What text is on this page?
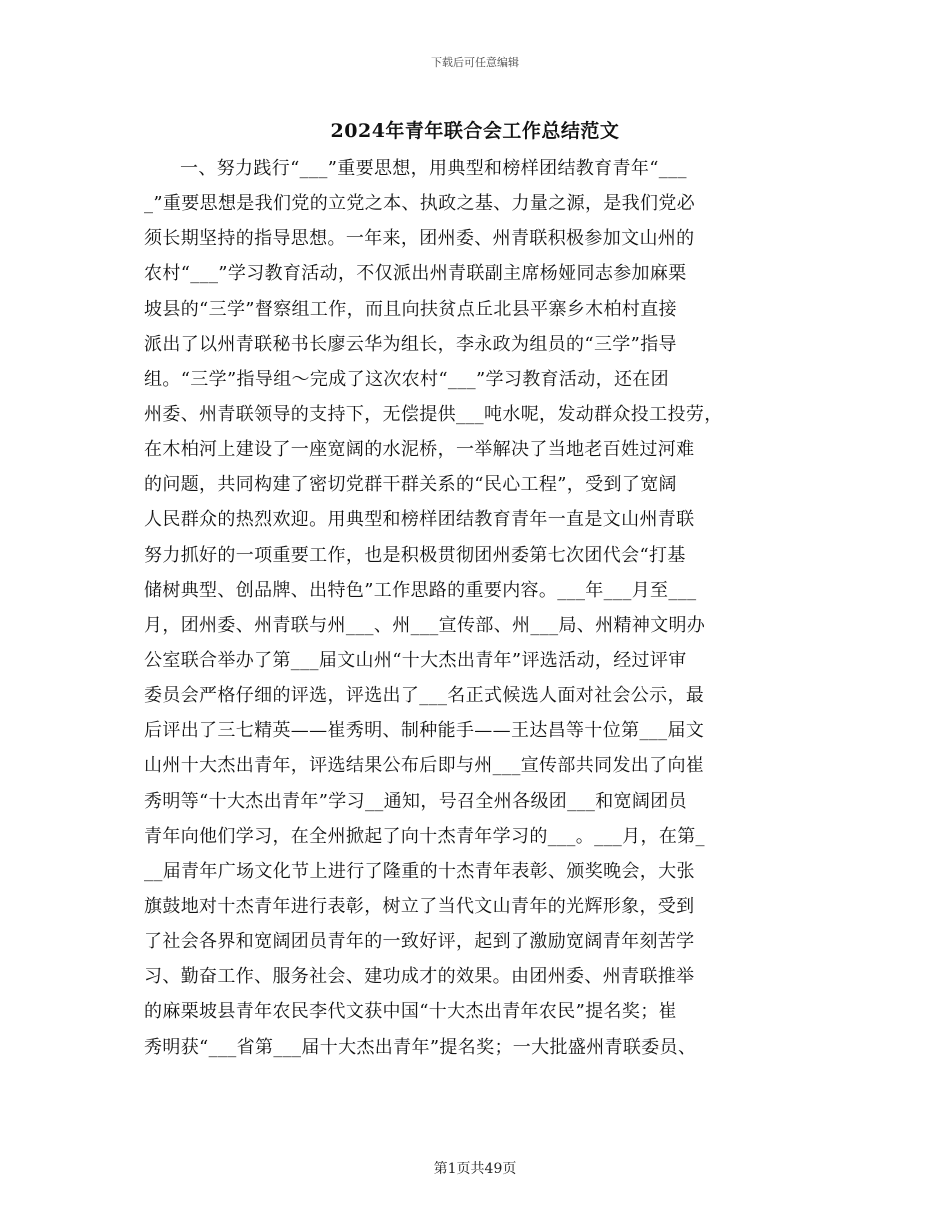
下载后可任意编辑
2024年青年联合会工作总结范文
一、努力践行“___”重要思想，用典型和榜样团结教育青年“___
_”重要思想是我们党的立党之本、执政之基、力量之源，是我们党必
须长期坚持的指导思想。一年来，团州委、州青联积极参加文山州的
农村“___”学习教育活动，不仅派出州青联副主席杨娅同志参加麻栗
坡县的“三学”督察组工作，而且向扶贫点丘北县平寨乡木柏村直接
派出了以州青联秘书长廖云华为组长，李永政为组员的“三学”指导
组。“三学”指导组～完成了这次农村“___”学习教育活动，还在团
州委、州青联领导的支持下，无偿提供___吨水呢，发动群众投工投劳，
在木柏河上建设了一座宽阔的水泥桥，一举解决了当地老百姓过河难
的问题，共同构建了密切党群干群关系的“民心工程”，受到了宽阔
人民群众的热烈欢迎。用典型和榜样团结教育青年一直是文山州青联
努力抓好的一项重要工作，也是积极贯彻团州委第七次团代会“打基
储树典型、创品牌、出特色”工作思路的重要内容。___年___月至___
月，团州委、州青联与州___、州___宣传部、州___局、州精神文明办
公室联合举办了第___届文山州“十大杰出青年”评选活动，经过评审
委员会严格仔细的评选，评选出了___名正式候选人面对社会公示，最
后评出了三七精英——崔秀明、制种能手——王达昌等十位第___届文
山州十大杰出青年，评选结果公布后即与州___宣传部共同发出了向崔
秀明等“十大杰出青年”学习__通知，号召全州各级团___和宽阔团员
青年向他们学习，在全州掀起了向十杰青年学习的___。___月，在第_
__届青年广场文化节上进行了隆重的十杰青年表彰、颁奖晚会，大张
旗鼓地对十杰青年进行表彰，树立了当代文山青年的光辉形象，受到
了社会各界和宽阔团员青年的一致好评，起到了激励宽阔青年刻苦学
习、勤奋工作、服务社会、建功成才的效果。由团州委、州青联推举
的麻栗坡县青年农民李代文获中国“十大杰出青年农民”提名奖；崔
秀明获“___省第___届十大杰出青年”提名奖；一大批盛州青联委员、
第1页共49页
